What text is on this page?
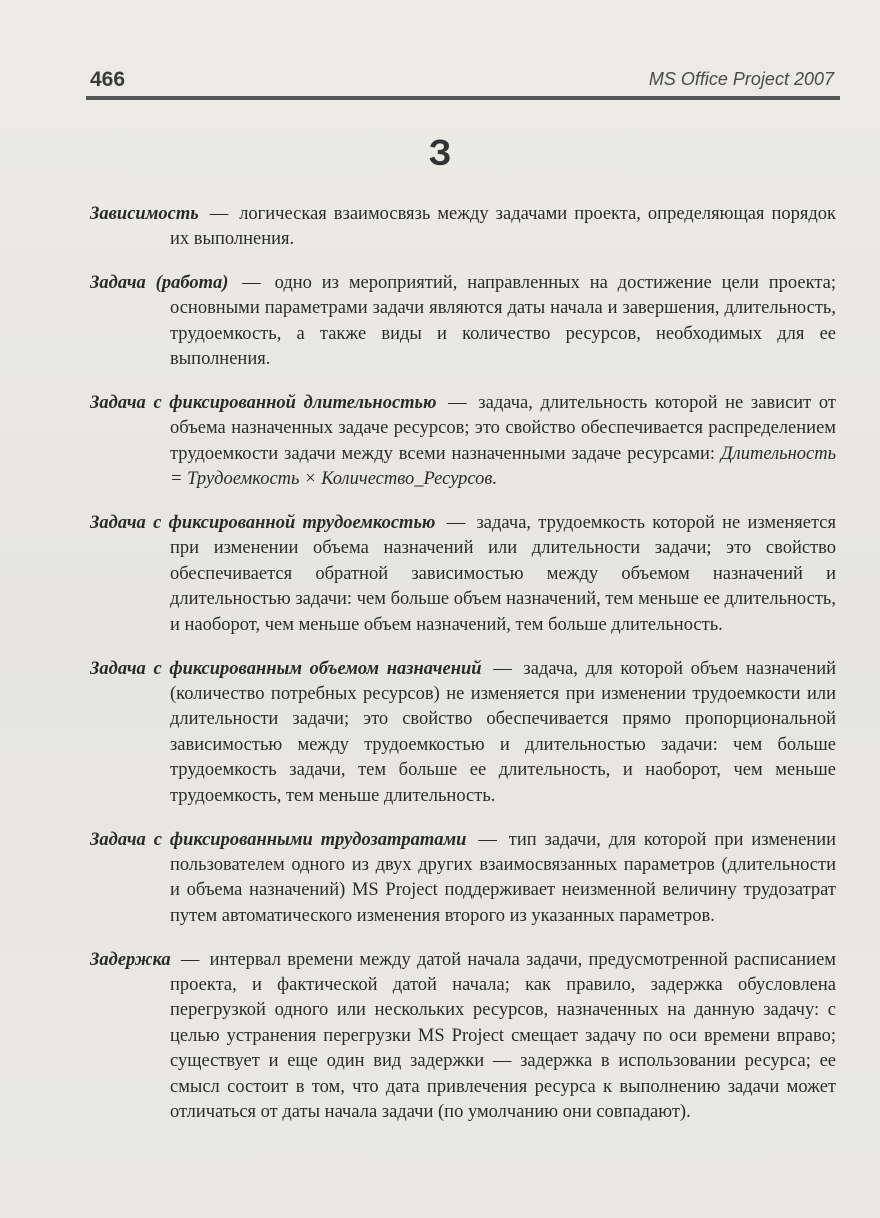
466	MS Office Project 2007
З

Зависимость — логическая взаимосвязь между задачами проекта, определяющая порядок их выполнения.

Задача (работа) — одно из мероприятий, направленных на достижение цели проекта; основными параметрами задачи являются даты начала и завершения, длительность, трудоемкость, а также виды и количество ресурсов, необходимых для ее выполнения.

Задача с фиксированной длительностью — задача, длительность которой не зависит от объема назначенных задаче ресурсов; это свойство обеспечивается распределением трудоемкости задачи между всеми назначенными задаче ресурсами: Длительность = Трудоемкость × Количество_Ресурсов.

Задача с фиксированной трудоемкостью — задача, трудоемкость которой не изменяется при изменении объема назначений или длительности задачи; это свойство обеспечивается обратной зависимостью между объемом назначений и длительностью задачи: чем больше объем назначений, тем меньше ее длительность, и наоборот, чем меньше объем назначений, тем больше длительность.

Задача с фиксированным объемом назначений — задача, для которой объем назначений (количество потребных ресурсов) не изменяется при изменении трудоемкости или длительности задачи; это свойство обеспечивается прямо пропорциональной зависимостью между трудоемкостью и длительностью задачи: чем больше трудоемкость задачи, тем больше ее длительность, и наоборот, чем меньше трудоемкость, тем меньше длительность.

Задача с фиксированными трудозатратами — тип задачи, для которой при изменении пользователем одного из двух других взаимосвязанных параметров (длительности и объема назначений) MS Project поддерживает неизменной величину трудозатрат путем автоматического изменения второго из указанных параметров.

Задержка — интервал времени между датой начала задачи, предусмотренной расписанием проекта, и фактической датой начала; как правило, задержка обусловлена перегрузкой одного или нескольких ресурсов, назначенных на данную задачу: с целью устранения перегрузки MS Project смещает задачу по оси времени вправо; существует и еще один вид задержки — задержка в использовании ресурса; ее смысл состоит в том, что дата привлечения ресурса к выполнению задачи может отличаться от даты начала задачи (по умолчанию они совпадают).
